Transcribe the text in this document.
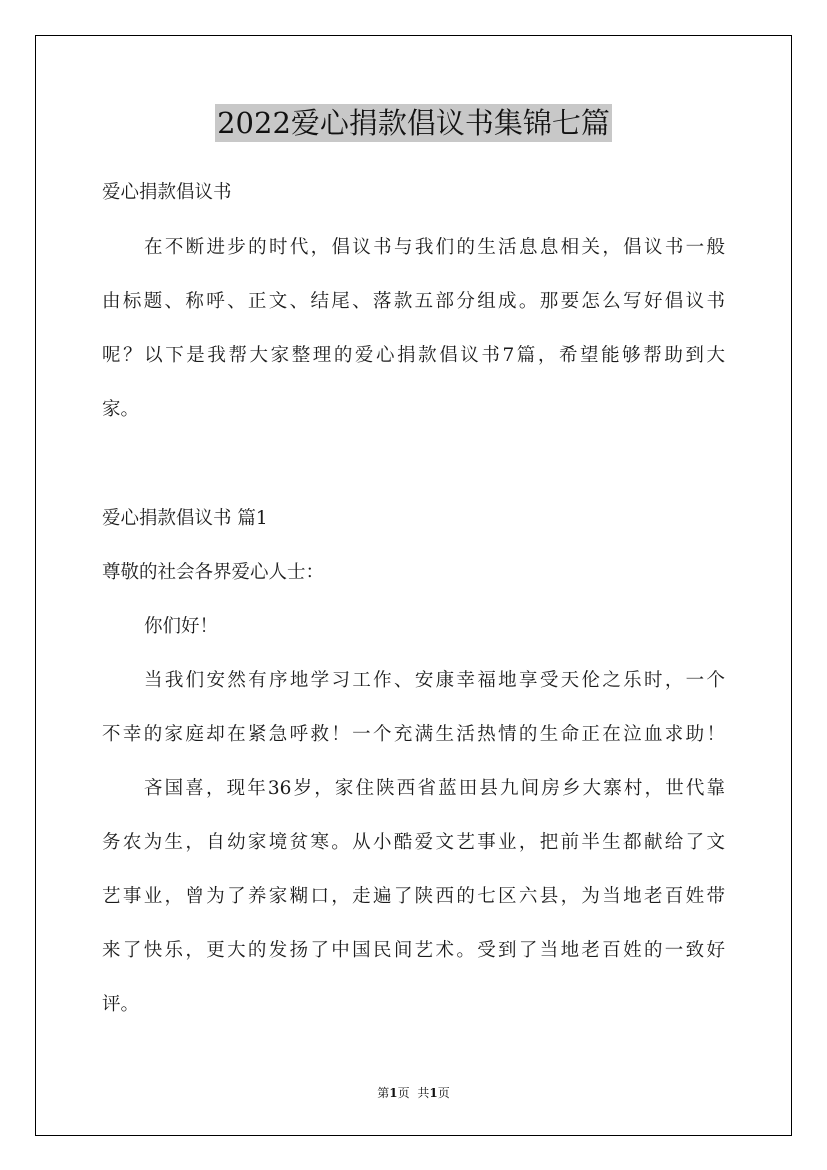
2022爱心捐款倡议书集锦七篇
爱心捐款倡议书
在不断进步的时代，倡议书与我们的生活息息相关，倡议书一般
由标题、称呼、正文、结尾、落款五部分组成。那要怎么写好倡议书
呢？以下是我帮大家整理的爱心捐款倡议书7篇，希望能够帮助到大
家。
爱心捐款倡议书 篇1
尊敬的社会各界爱心人士：
你们好！
当我们安然有序地学习工作、安康幸福地享受天伦之乐时，一个
不幸的家庭却在紧急呼救！一个充满生活热情的生命正在泣血求助！
吝国喜，现年36岁，家住陕西省蓝田县九间房乡大寨村，世代靠
务农为生，自幼家境贫寒。从小酷爱文艺事业，把前半生都献给了文
艺事业，曾为了养家糊口，走遍了陕西的七区六县，为当地老百姓带
来了快乐，更大的发扬了中国民间艺术。受到了当地老百姓的一致好
评。
第1页 共1页
